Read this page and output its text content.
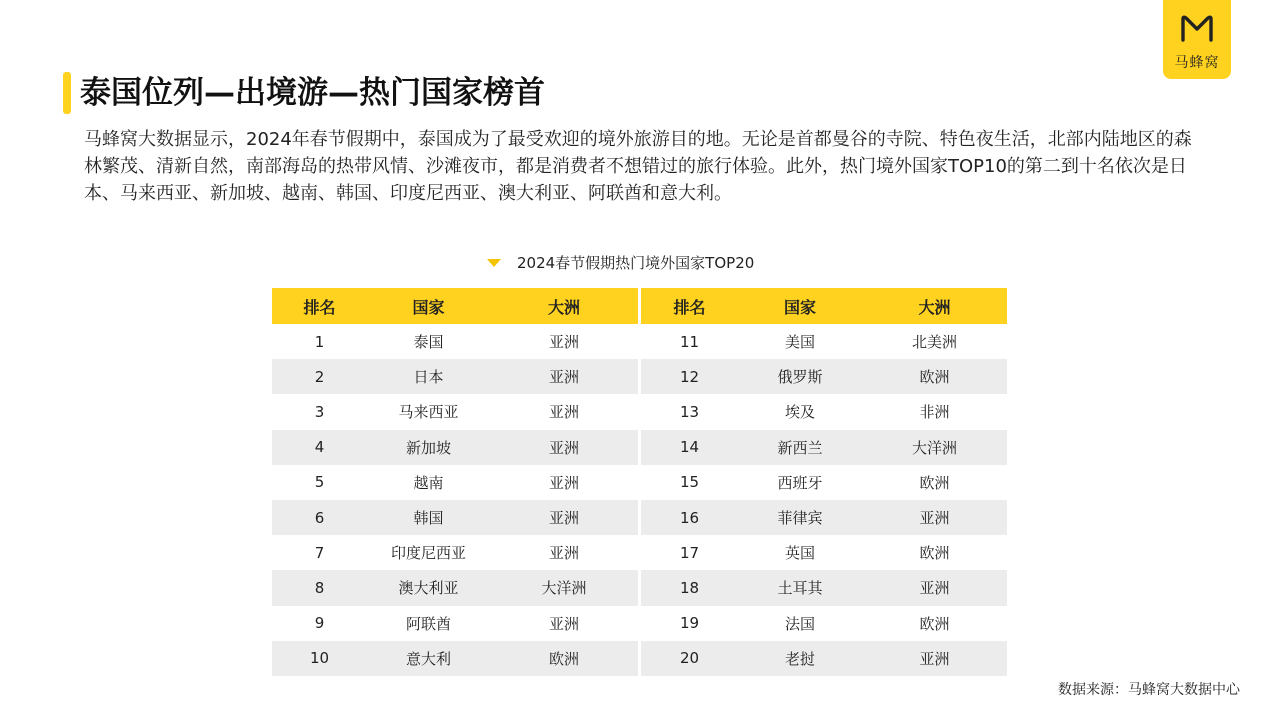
马蜂窝
泰国位列—出境游—热门国家榜首
马蜂窝大数据显示，2024年春节假期中，泰国成为了最受欢迎的境外旅游目的地。无论是首都曼谷的寺院、特色夜生活，北部内陆地区的森林繁茂、清新自然，南部海岛的热带风情、沙滩夜市，都是消费者不想错过的旅行体验。此外，热门境外国家TOP10的第二到十名依次是日本、马来西亚、新加坡、越南、韩国、印度尼西亚、澳大利亚、阿联酋和意大利。
2024春节假期热门境外国家TOP20
排名	国家	大洲	排名	国家	大洲
1	泰国	亚洲	11	美国	北美洲
2	日本	亚洲	12	俄罗斯	欧洲
3	马来西亚	亚洲	13	埃及	非洲
4	新加坡	亚洲	14	新西兰	大洋洲
5	越南	亚洲	15	西班牙	欧洲
6	韩国	亚洲	16	菲律宾	亚洲
7	印度尼西亚	亚洲	17	英国	欧洲
8	澳大利亚	大洋洲	18	土耳其	亚洲
9	阿联酋	亚洲	19	法国	欧洲
10	意大利	欧洲	20	老挝	亚洲
数据来源：马蜂窝大数据中心
